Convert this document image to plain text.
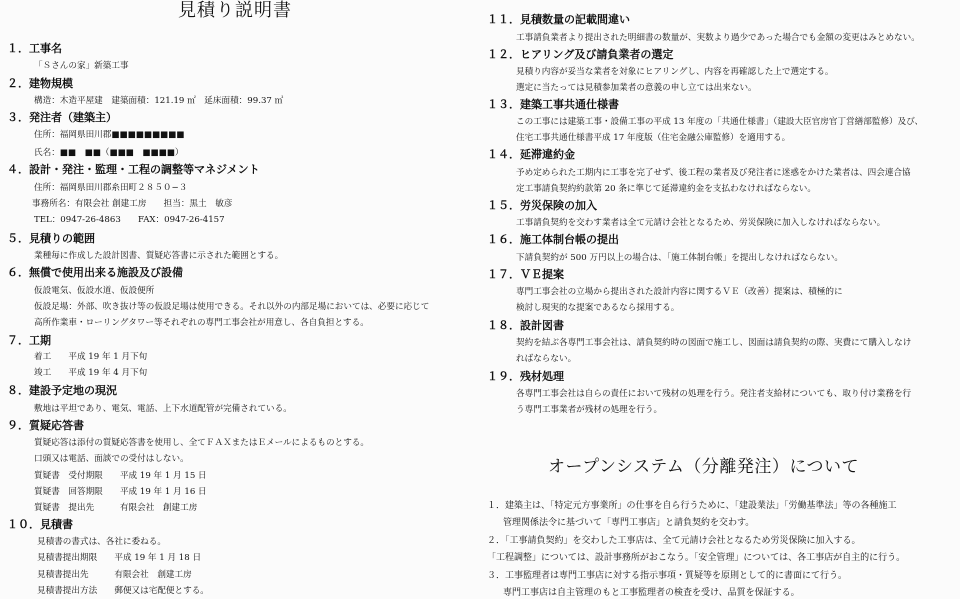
見積り説明書
１．工事名
「Ｓさんの家」新築工事
２．建物規模
構造：木造平屋建　建築面積：121.19 ㎡　延床面積：99.37 ㎡
３．発注者（建築主）
住所：福岡県田川郡■■■■■■■■■
氏名：■■　■■（■■■　■■■■）
４．設計・発注・監理・工程の調整等マネジメント
住所：福岡県田川郡糸田町２８５０−３
事務所名：有限会社 創建工房　　担当：黒土　敏彦
TEL：0947-26-4863　　FAX：0947-26-4157
５．見積りの範囲
業種毎に作成した設計図書、質疑応答書に示された範囲とする。
６．無償で使用出来る施設及び設備
仮設電気、仮設水道、仮設便所
仮設足場：外部、吹き抜け等の仮設足場は使用できる。それ以外の内部足場においては、必要に応じて
高所作業車・ローリングタワー等それぞれの専門工事会社が用意し、各自負担とする。
７．工期
着工　　平成 19 年 1 月下旬
竣工　　平成 19 年 4 月下旬
８．建設予定地の現況
敷地は平坦であり、電気、電話、上下水道配管が完備されている。
９．質疑応答書
質疑応答は添付の質疑応答書を使用し、全てＦＡＸまたはＥメールによるものとする。
口頭又は電話、面談での受付はしない。
質疑書　受付期限　　平成 19 年 1 月 15 日
質疑書　回答期限　　平成 19 年 1 月 16 日
質疑書　提出先　　　有限会社　創建工房
１０．見積書
見積書の書式は、各社に委ねる。
見積書提出期限　　平成 19 年 1 月 18 日
見積書提出先　　　有限会社　創建工房
見積書提出方法　　郵便又は宅配便とする。
１１．見積数量の記載間違い
工事請負業者より提出された明細書の数量が、実数より過少であった場合でも金額の変更はみとめない。
１２．ヒアリング及び請負業者の選定
見積り内容が妥当な業者を対象にヒアリングし、内容を再確認した上で選定する。
選定に当たっては見積参加業者の意義の申し立ては出来ない。
１３．建築工事共通仕様書
この工事には建築工事・設備工事の平成 13 年度の「共通仕様書」（建設大臣官房官丁営繕部監修）及び、
住宅工事共通仕様書平成 17 年度版（住宅金融公庫監修）を適用する。
１４．延滞違約金
予め定められた工期内に工事を完了せず、後工程の業者及び発注者に迷惑をかけた業者は、四会連合協
定工事請負契約約款第 20 条に準じて延滞違約金を支払わなければならない。
１５．労災保険の加入
工事請負契約を交わす業者は全て元請け会社となるため、労災保険に加入しなければならない。
１６．施工体制台帳の提出
下請負契約が 500 万円以上の場合は、「施工体制台帳」を提出しなければならない。
１７．ＶＥ提案
専門工事会社の立場から提出された設計内容に関するＶＥ（改善）提案は、積極的に
検討し現実的な提案であるなら採用する。
１８．設計図書
契約を結ぶ各専門工事会社は、請負契約時の図面で施工し、図面は請負契約の際、実費にて購入しなけ
ればならない。
１９．残材処理
各専門工事会社は自らの責任において残材の処理を行う。発注者支給材についても、取り付け業務を行
う専門工事業者が残材の処理を行う。
オープンシステム（分離発注）について
１．建築主は、「特定元方事業所」の仕事を自ら行うために、「建設業法」「労働基準法」等の各種施工
管理関係法令に基づいて「専門工事店」と請負契約を交わす。
２．「工事請負契約」を交わした工事店は、全て元請け会社となるため労災保険に加入する。
「工程調整」については、設計事務所がおこなう。「安全管理」については、各工事店が自主的に行う。
３．工事監理者は専門工事店に対する指示事項・質疑等を原則として的に書面にて行う。
専門工事店は自主管理のもと工事監理者の検査を受け、品質を保証する。
